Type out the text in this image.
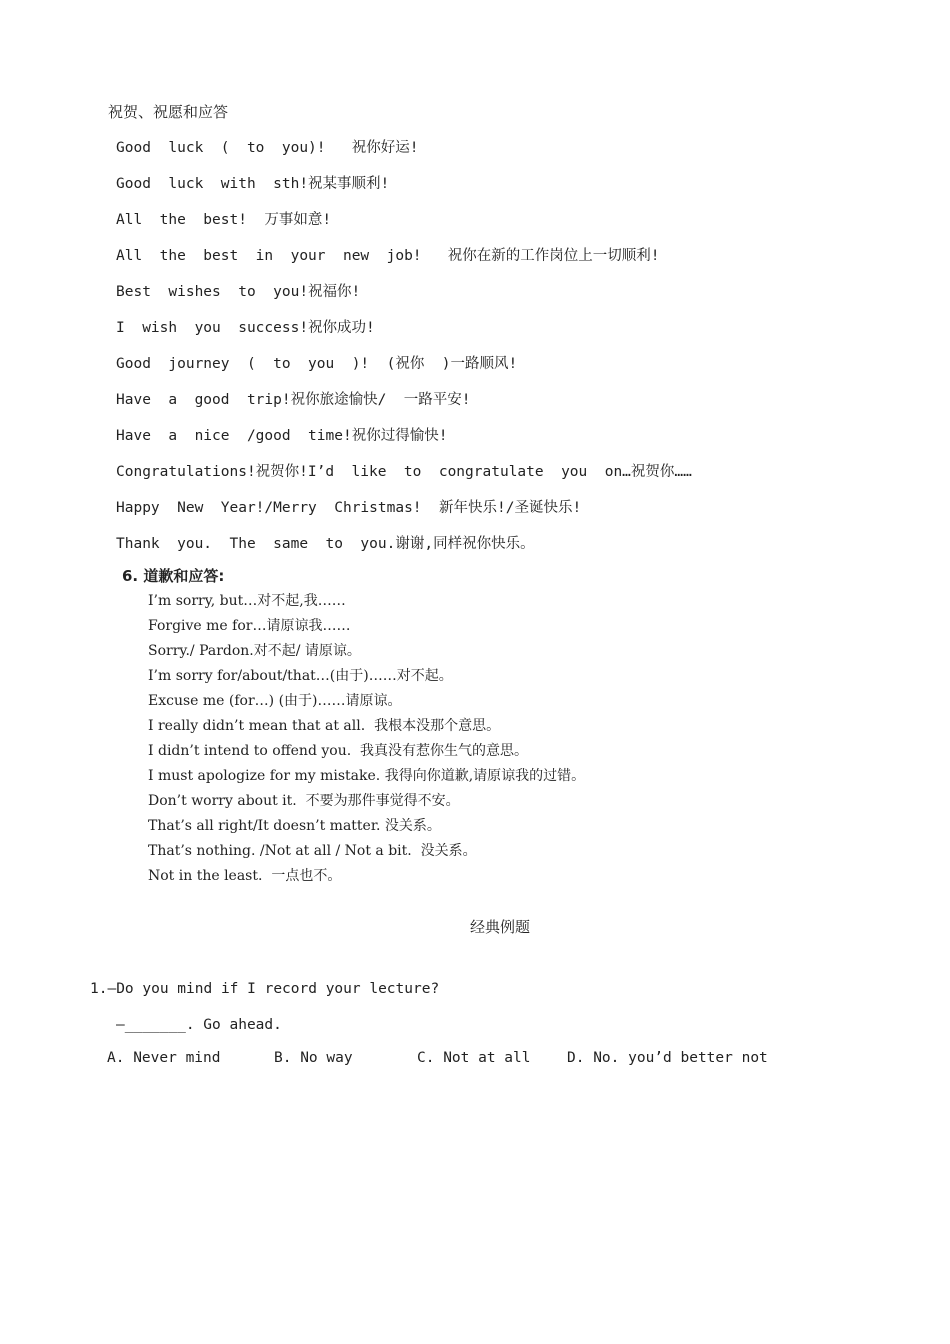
祝贺、祝愿和应答
Good  luck  (  to  you)!   祝你好运!
Good  luck  with  sth!祝某事顺利!
All  the  best!  万事如意!
All  the  best  in  your  new  job!   祝你在新的工作岗位上一切顺利!
Best  wishes  to  you!祝福你!
I  wish  you  success!祝你成功!
Good  journey  (  to  you  )!  (祝你  )一路顺风!
Have  a  good  trip!祝你旅途愉快/  一路平安!
Have  a  nice  /good  time!祝你过得愉快!
Congratulations!祝贺你!I’d  like  to  congratulate  you  on…祝贺你……
Happy  New  Year!/Merry  Christmas!  新年快乐!/圣诞快乐!
Thank  you.  The  same  to  you.谢谢,同样祝你快乐。
6. 道歉和应答:
I’m sorry, but…对不起,我……
Forgive me for…请原谅我……
Sorry./ Pardon.对不起/ 请原谅。
I’m sorry for/about/that…(由于)……对不起。
Excuse me (for…) (由于)……请原谅。
I really didn’t mean that at all.  我根本没那个意思。
I didn’t intend to offend you.  我真没有惹你生气的意思。
I must apologize for my mistake. 我得向你道歉,请原谅我的过错。
Don’t worry about it.  不要为那件事觉得不安。
That’s all right/It doesn’t matter. 没关系。
That’s nothing. /Not at all / Not a bit.  没关系。
Not in the least.  一点也不。
经典例题
1.—Do you mind if I record your lecture?
—_______. Go ahead.

A. Never mind

	B. No way

	C. Not at all

	D. No. you’d better not
